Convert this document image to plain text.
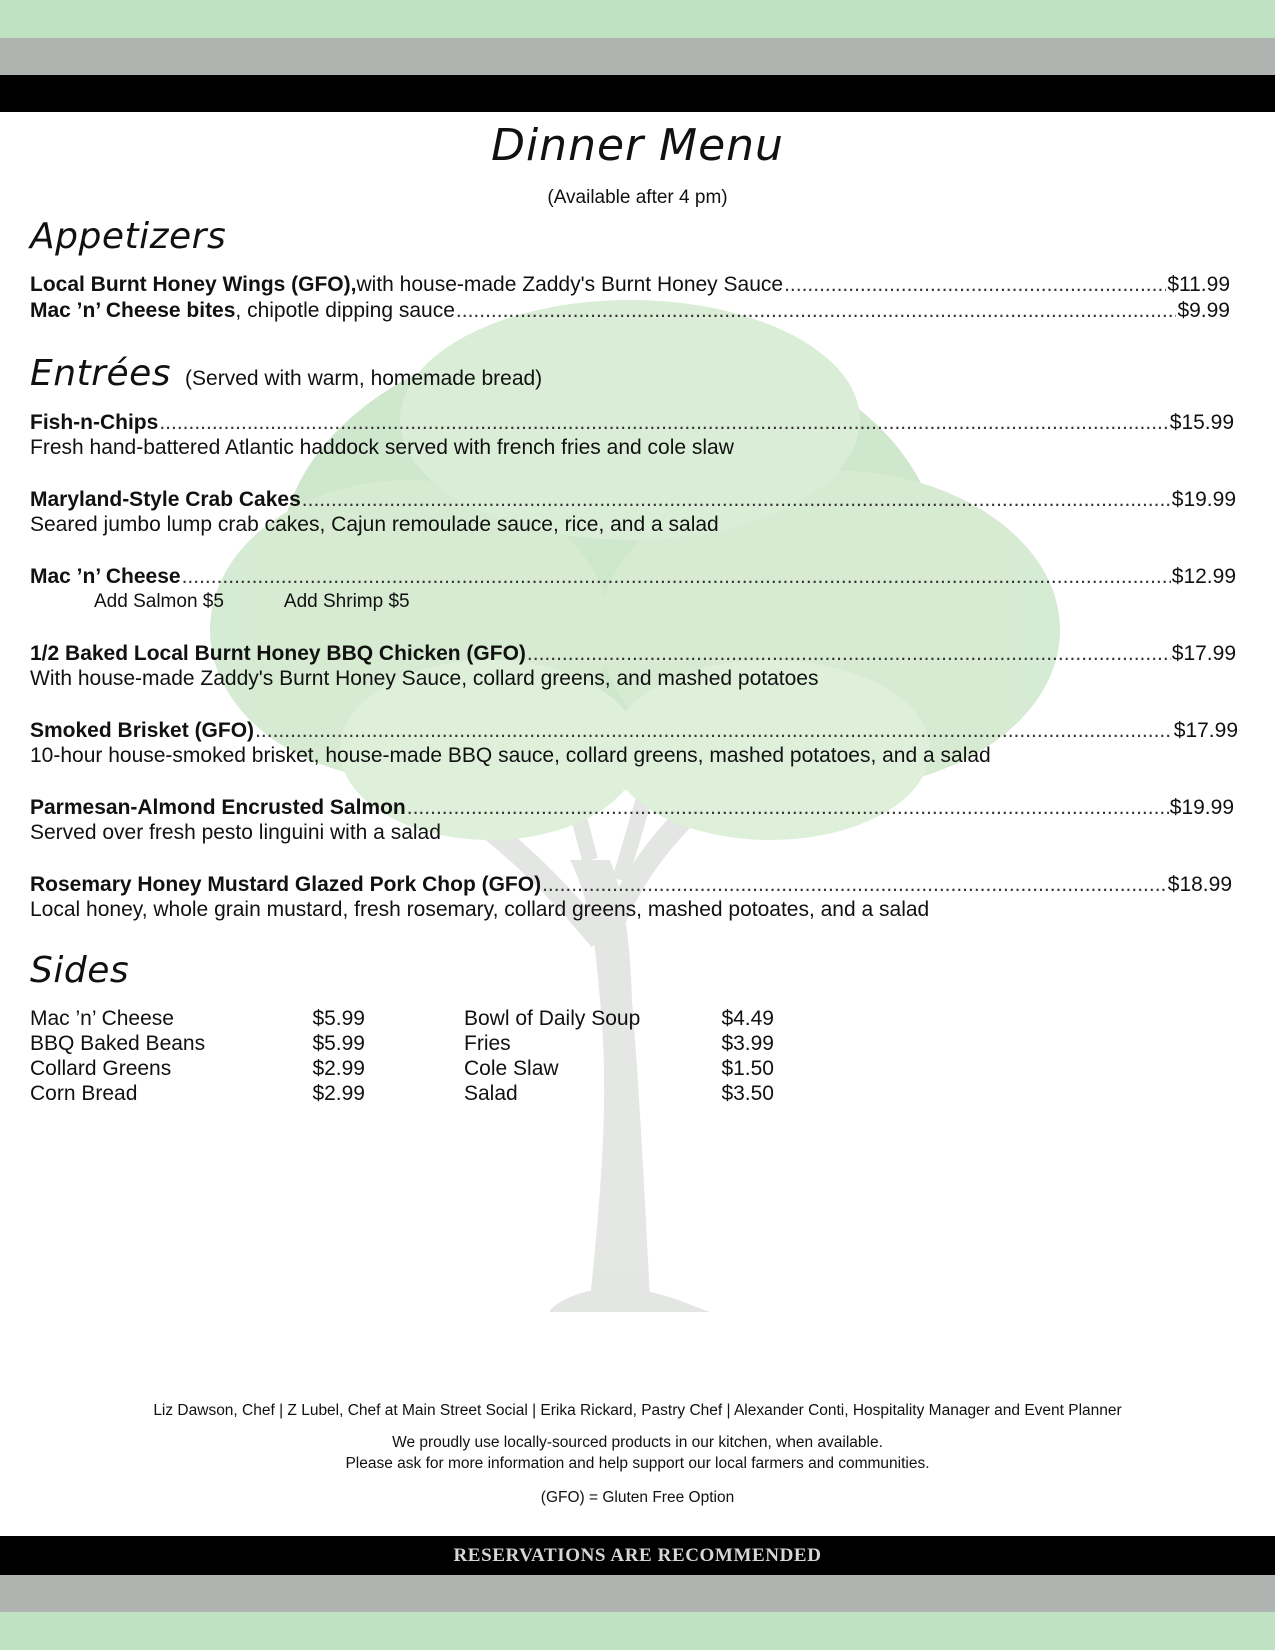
Dinner Menu
(Available after 4 pm)
Appetizers
Local Burnt Honey Wings (GFO), with house-made Zaddy's Burnt Honey Sauce .....	$11.99
Mac ’n’ Cheese bites , chipotle dipping sauce .....	$9.99
Entrées (Served with warm, homemade bread)
Fish-n-Chips .....	$15.99
Fresh hand-battered Atlantic haddock served with french fries and cole slaw
Maryland-Style Crab Cakes .....	$19.99
Seared jumbo lump crab cakes, Cajun remoulade sauce, rice, and a salad
Mac ’n’ Cheese .....	$12.99
Add Salmon $5	Add Shrimp $5
1/2 Baked Local Burnt Honey BBQ Chicken (GFO) .....	$17.99
With house-made Zaddy's Burnt Honey Sauce, collard greens, and mashed potatoes
Smoked Brisket (GFO) .....	$17.99
10-hour house-smoked brisket, house-made BBQ sauce, collard greens, mashed potatoes, and a salad
Parmesan-Almond Encrusted Salmon .....	$19.99
Served over fresh pesto linguini with a salad
Rosemary Honey Mustard Glazed Pork Chop (GFO) .....	$18.99
Local honey, whole grain mustard, fresh rosemary, collard greens, mashed potoates, and a salad
Sides
Mac ’n’ Cheese	$5.99
BBQ Baked Beans	$5.99
Collard Greens	$2.99
Corn Bread	$2.99
Bowl of Daily Soup	$4.49
Fries	$3.99
Cole Slaw	$1.50
Salad	$3.50
Liz Dawson, Chef | Z Lubel, Chef at Main Street Social | Erika Rickard, Pastry Chef | Alexander Conti, Hospitality Manager and Event Planner
We proudly use locally-sourced products in our kitchen, when available.
Please ask for more information and help support our local farmers and communities.
(GFO) = Gluten Free Option
RESERVATIONS ARE RECOMMENDED
